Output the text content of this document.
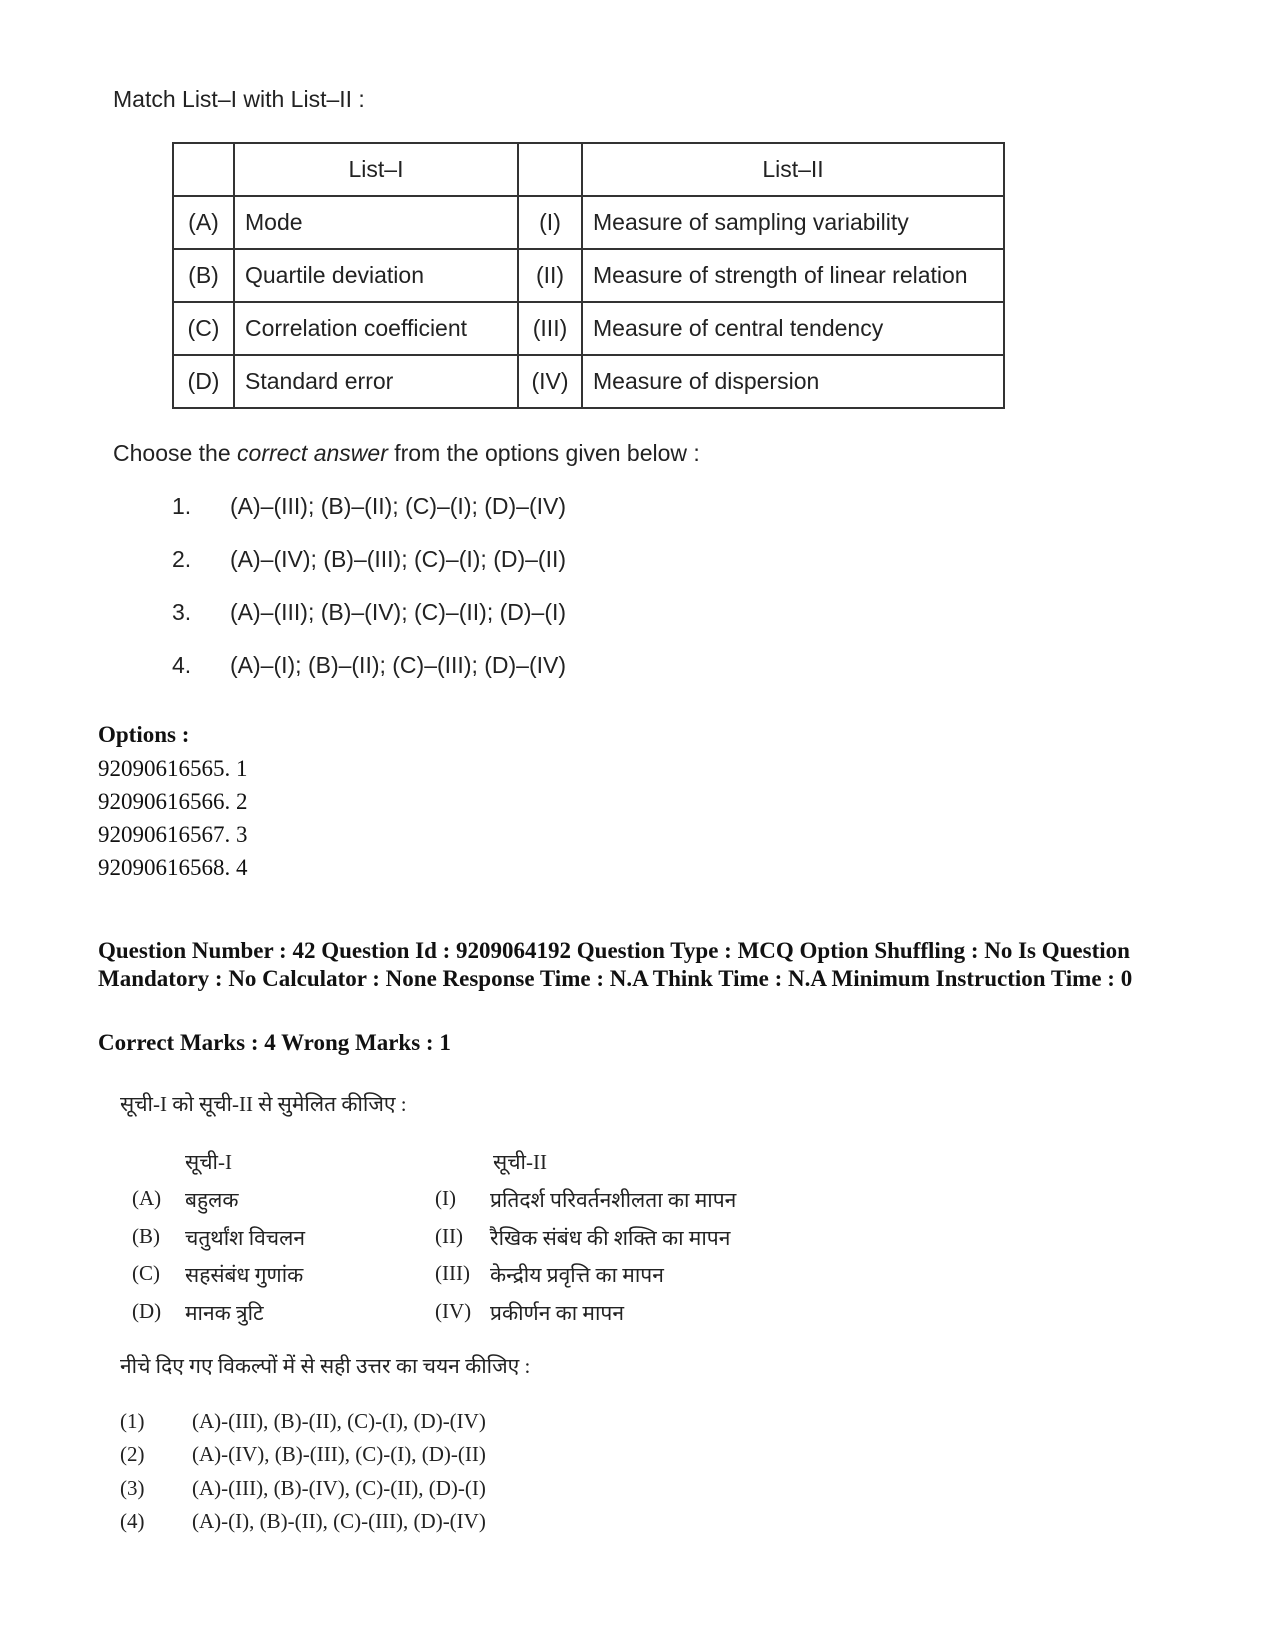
Match List–I with List–II :
	List–I		List–II
(A)	Mode	(I)	Measure of sampling variability
(B)	Quartile deviation	(II)	Measure of strength of linear relation
(C)	Correlation coefficient	(III)	Measure of central tendency
(D)	Standard error	(IV)	Measure of dispersion
Choose the correct answer from the options given below :
1. (A)–(III); (B)–(II); (C)–(I); (D)–(IV)
2. (A)–(IV); (B)–(III); (C)–(I); (D)–(II)
3. (A)–(III); (B)–(IV); (C)–(II); (D)–(I)
4. (A)–(I); (B)–(II); (C)–(III); (D)–(IV)
Options :
92090616565. 1
92090616566. 2
92090616567. 3
92090616568. 4
Question Number : 42 Question Id : 9209064192 Question Type : MCQ Option Shuffling : No Is Question Mandatory : No Calculator : None Response Time : N.A Think Time : N.A Minimum Instruction Time : 0
Correct Marks : 4 Wrong Marks : 1
सूची-I को सूची-II से सुमेलित कीजिए :
सूची-I	सूची-II
(A) बहुलक	(I) प्रतिदर्श परिवर्तनशीलता का मापन
(B) चतुर्थांश विचलन	(II) रैखिक संबंध की शक्ति का मापन
(C) सहसंबंध गुणांक	(III) केन्द्रीय प्रवृत्ति का मापन
(D) मानक त्रुटि	(IV) प्रकीर्णन का मापन
नीचे दिए गए विकल्पों में से सही उत्तर का चयन कीजिए :
(1) (A)-(III), (B)-(II), (C)-(I), (D)-(IV)
(2) (A)-(IV), (B)-(III), (C)-(I), (D)-(II)
(3) (A)-(III), (B)-(IV), (C)-(II), (D)-(I)
(4) (A)-(I), (B)-(II), (C)-(III), (D)-(IV)
